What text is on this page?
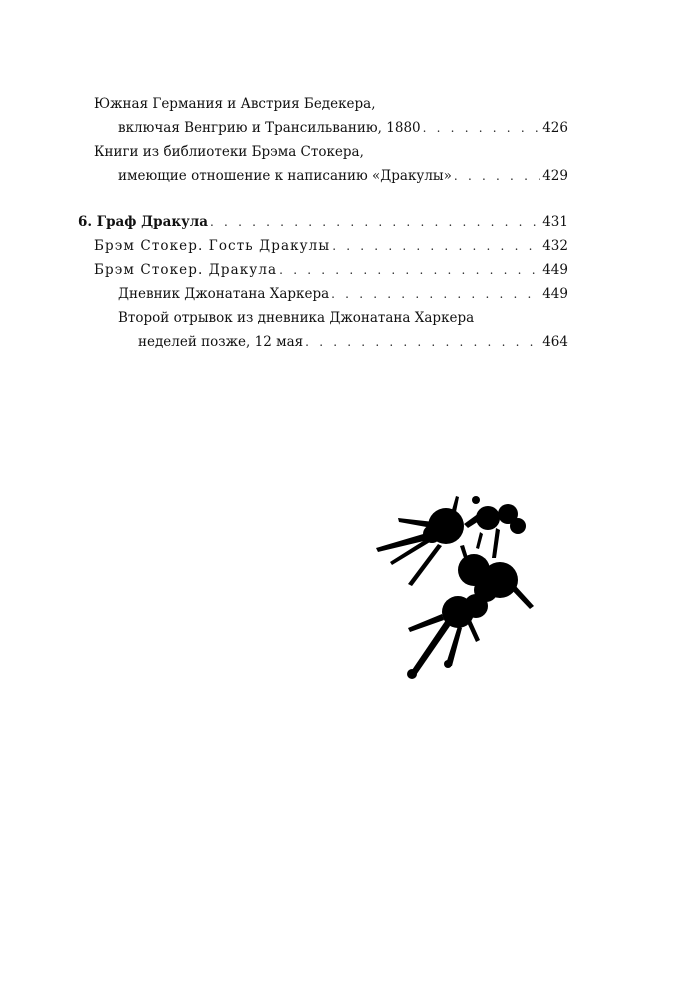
Южная Германия и Австрия Бедекера,
включая Венгрию и Трансильванию, 1880 . . .	426
Книги из библиотеки Брэма Стокера,
имеющие отношение к написанию «Дракулы» . . .	429
6. Граф Дракула . . .	431
Брэм Стокер. Гость Дракулы . . .	432
Брэм Стокер. Дракула . . .	449
Дневник Джонатана Харкера . . .	449
Второй отрывок из дневника Джонатана Харкера
неделей позже, 12 мая . . .	464
